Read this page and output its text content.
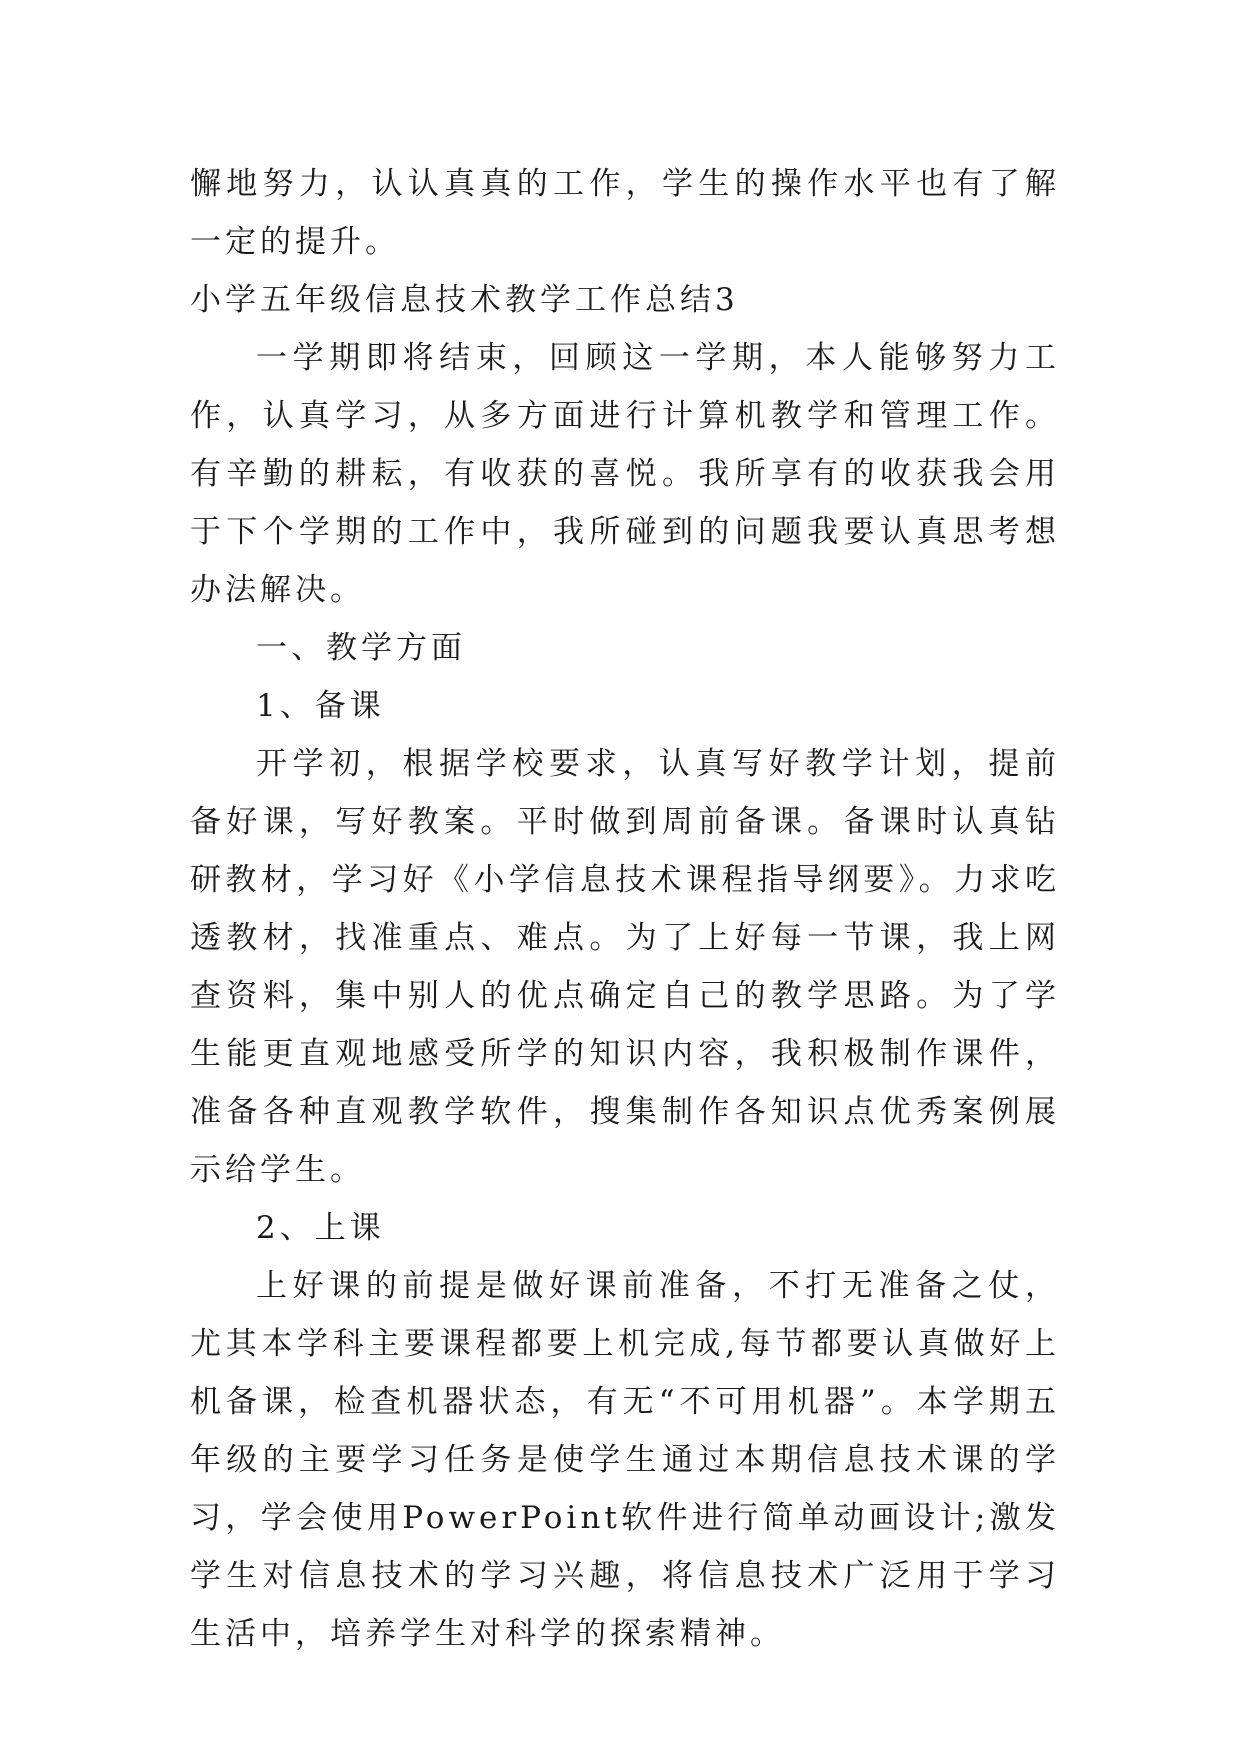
懈地努力，认认真真的工作，学生的操作水平也有了解一定的提升。

小学五年级信息技术教学工作总结3

一学期即将结束，回顾这一学期，本人能够努力工作，认真学习，从多方面进行计算机教学和管理工作。有辛勤的耕耘，有收获的喜悦。我所享有的收获我会用于下个学期的工作中，我所碰到的问题我要认真思考想办法解决。

一、教学方面

1、备课

开学初，根据学校要求，认真写好教学计划，提前备好课，写好教案。平时做到周前备课。备课时认真钻研教材，学习好《小学信息技术课程指导纲要》。力求吃透教材，找准重点、难点。为了上好每一节课，我上网查资料，集中别人的优点确定自己的教学思路。为了学生能更直观地感受所学的知识内容，我积极制作课件，准备各种直观教学软件，搜集制作各知识点优秀案例展示给学生。

2、上课

上好课的前提是做好课前准备，不打无准备之仗，尤其本学科主要课程都要上机完成,每节都要认真做好上机备课，检查机器状态，有无“不可用机器”。本学期五年级的主要学习任务是使学生通过本期信息技术课的学习，学会使用PowerPoint软件进行简单动画设计;激发学生对信息技术的学习兴趣，将信息技术广泛用于学习生活中，培养学生对科学的探索精神。
